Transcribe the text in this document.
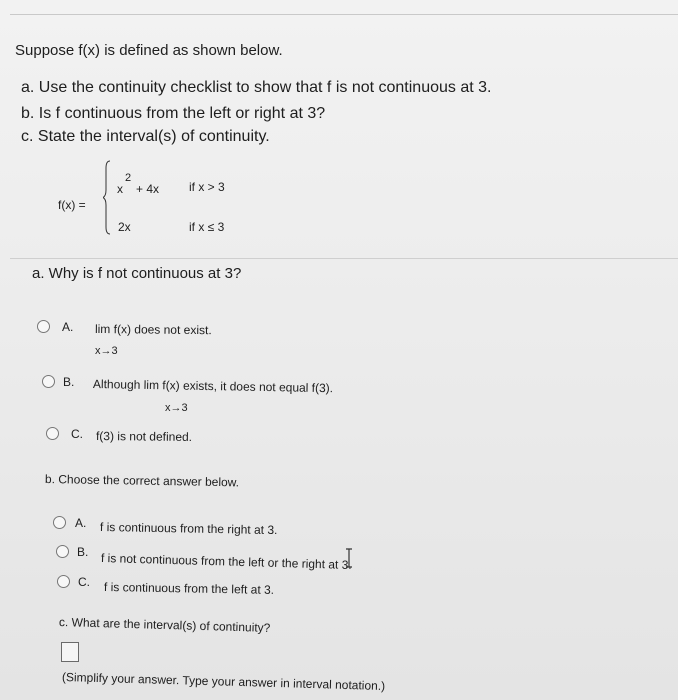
Suppose f(x) is defined as shown below.
a. Use the continuity checklist to show that f is not continuous at 3.
b. Is f continuous from the left or right at 3?
c. State the interval(s) of continuity.
f(x) =
x
2
+ 4x if x > 3
2x	if x ≤ 3
a. Why is f not continuous at 3?
A. lim f(x) does not exist.
x→3
B. Although lim f(x) exists, it does not equal f(3).
x→3
C. f(3) is not defined.
b. Choose the correct answer below.
A. f is continuous from the right at 3.
B. f is not continuous from the left or the right at 3.
C. f is continuous from the left at 3.
c. What are the interval(s) of continuity?
(Simplify your answer. Type your answer in interval notation.)
